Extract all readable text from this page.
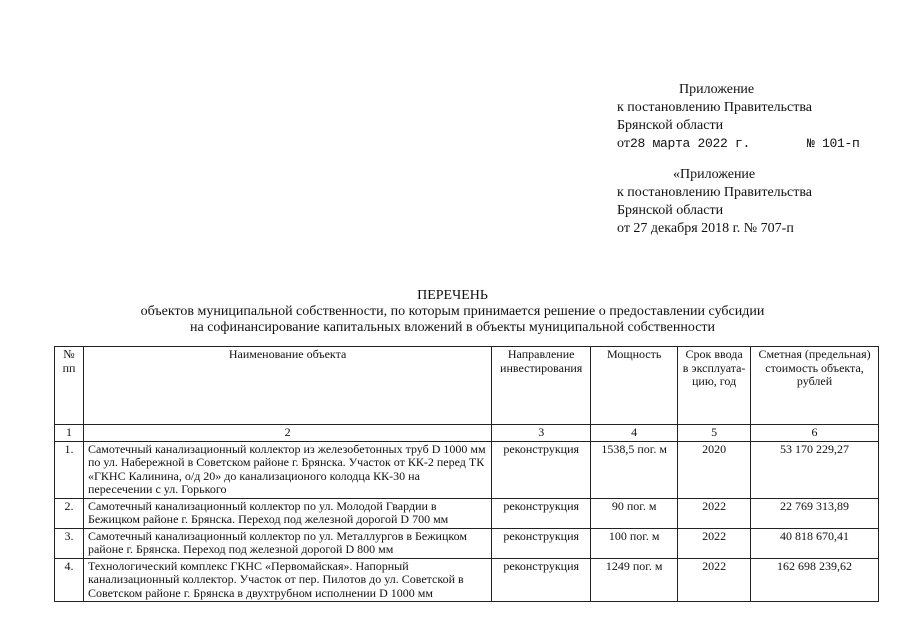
Приложение
к постановлению Правительства
Брянской области
от28 марта 2022 г.	№ 101-п
«Приложение
к постановлению Правительства
Брянской области
от 27 декабря 2018 г. № 707-п
ПЕРЕЧЕНЬ
объектов муниципальной собственности, по которым принимается решение о предоставлении субсидии
на софинансирование капитальных вложений в объекты муниципальной собственности
№ пп	Наименование объекта	Направление инвестирования	Мощность	Срок ввода в эксплуата-цию, год	Сметная (предельная) стоимость объекта, рублей
1	2	3	4	5	6
1.	Самотечный канализационный коллектор из железобетонных труб D 1000 мм по ул. Набережной в Советском районе г. Брянска. Участок от КК-2 перед ТК «ГКНС Калинина, о/д 20» до канализационого колодца КК-30 на пересечении с ул. Горького	реконструкция	1538,5 пог. м	2020	53 170 229,27
2.	Самотечный канализационный коллектор по ул. Молодой Гвардии в Бежицком районе г. Брянска. Переход под железной дорогой D 700 мм	реконструкция	90 пог. м	2022	22 769 313,89
3.	Самотечный канализационный коллектор по ул. Металлургов в Бежицком районе г. Брянска. Переход под железной дорогой D 800 мм	реконструкция	100 пог. м	2022	40 818 670,41
4.	Технологический комплекс ГКНС «Первомайская». Напорный канализационный коллектор. Участок от пер. Пилотов до ул. Советской в Советском районе г. Брянска в двухтрубном исполнении D 1000 мм	реконструкция	1249 пог. м	2022	162 698 239,62
